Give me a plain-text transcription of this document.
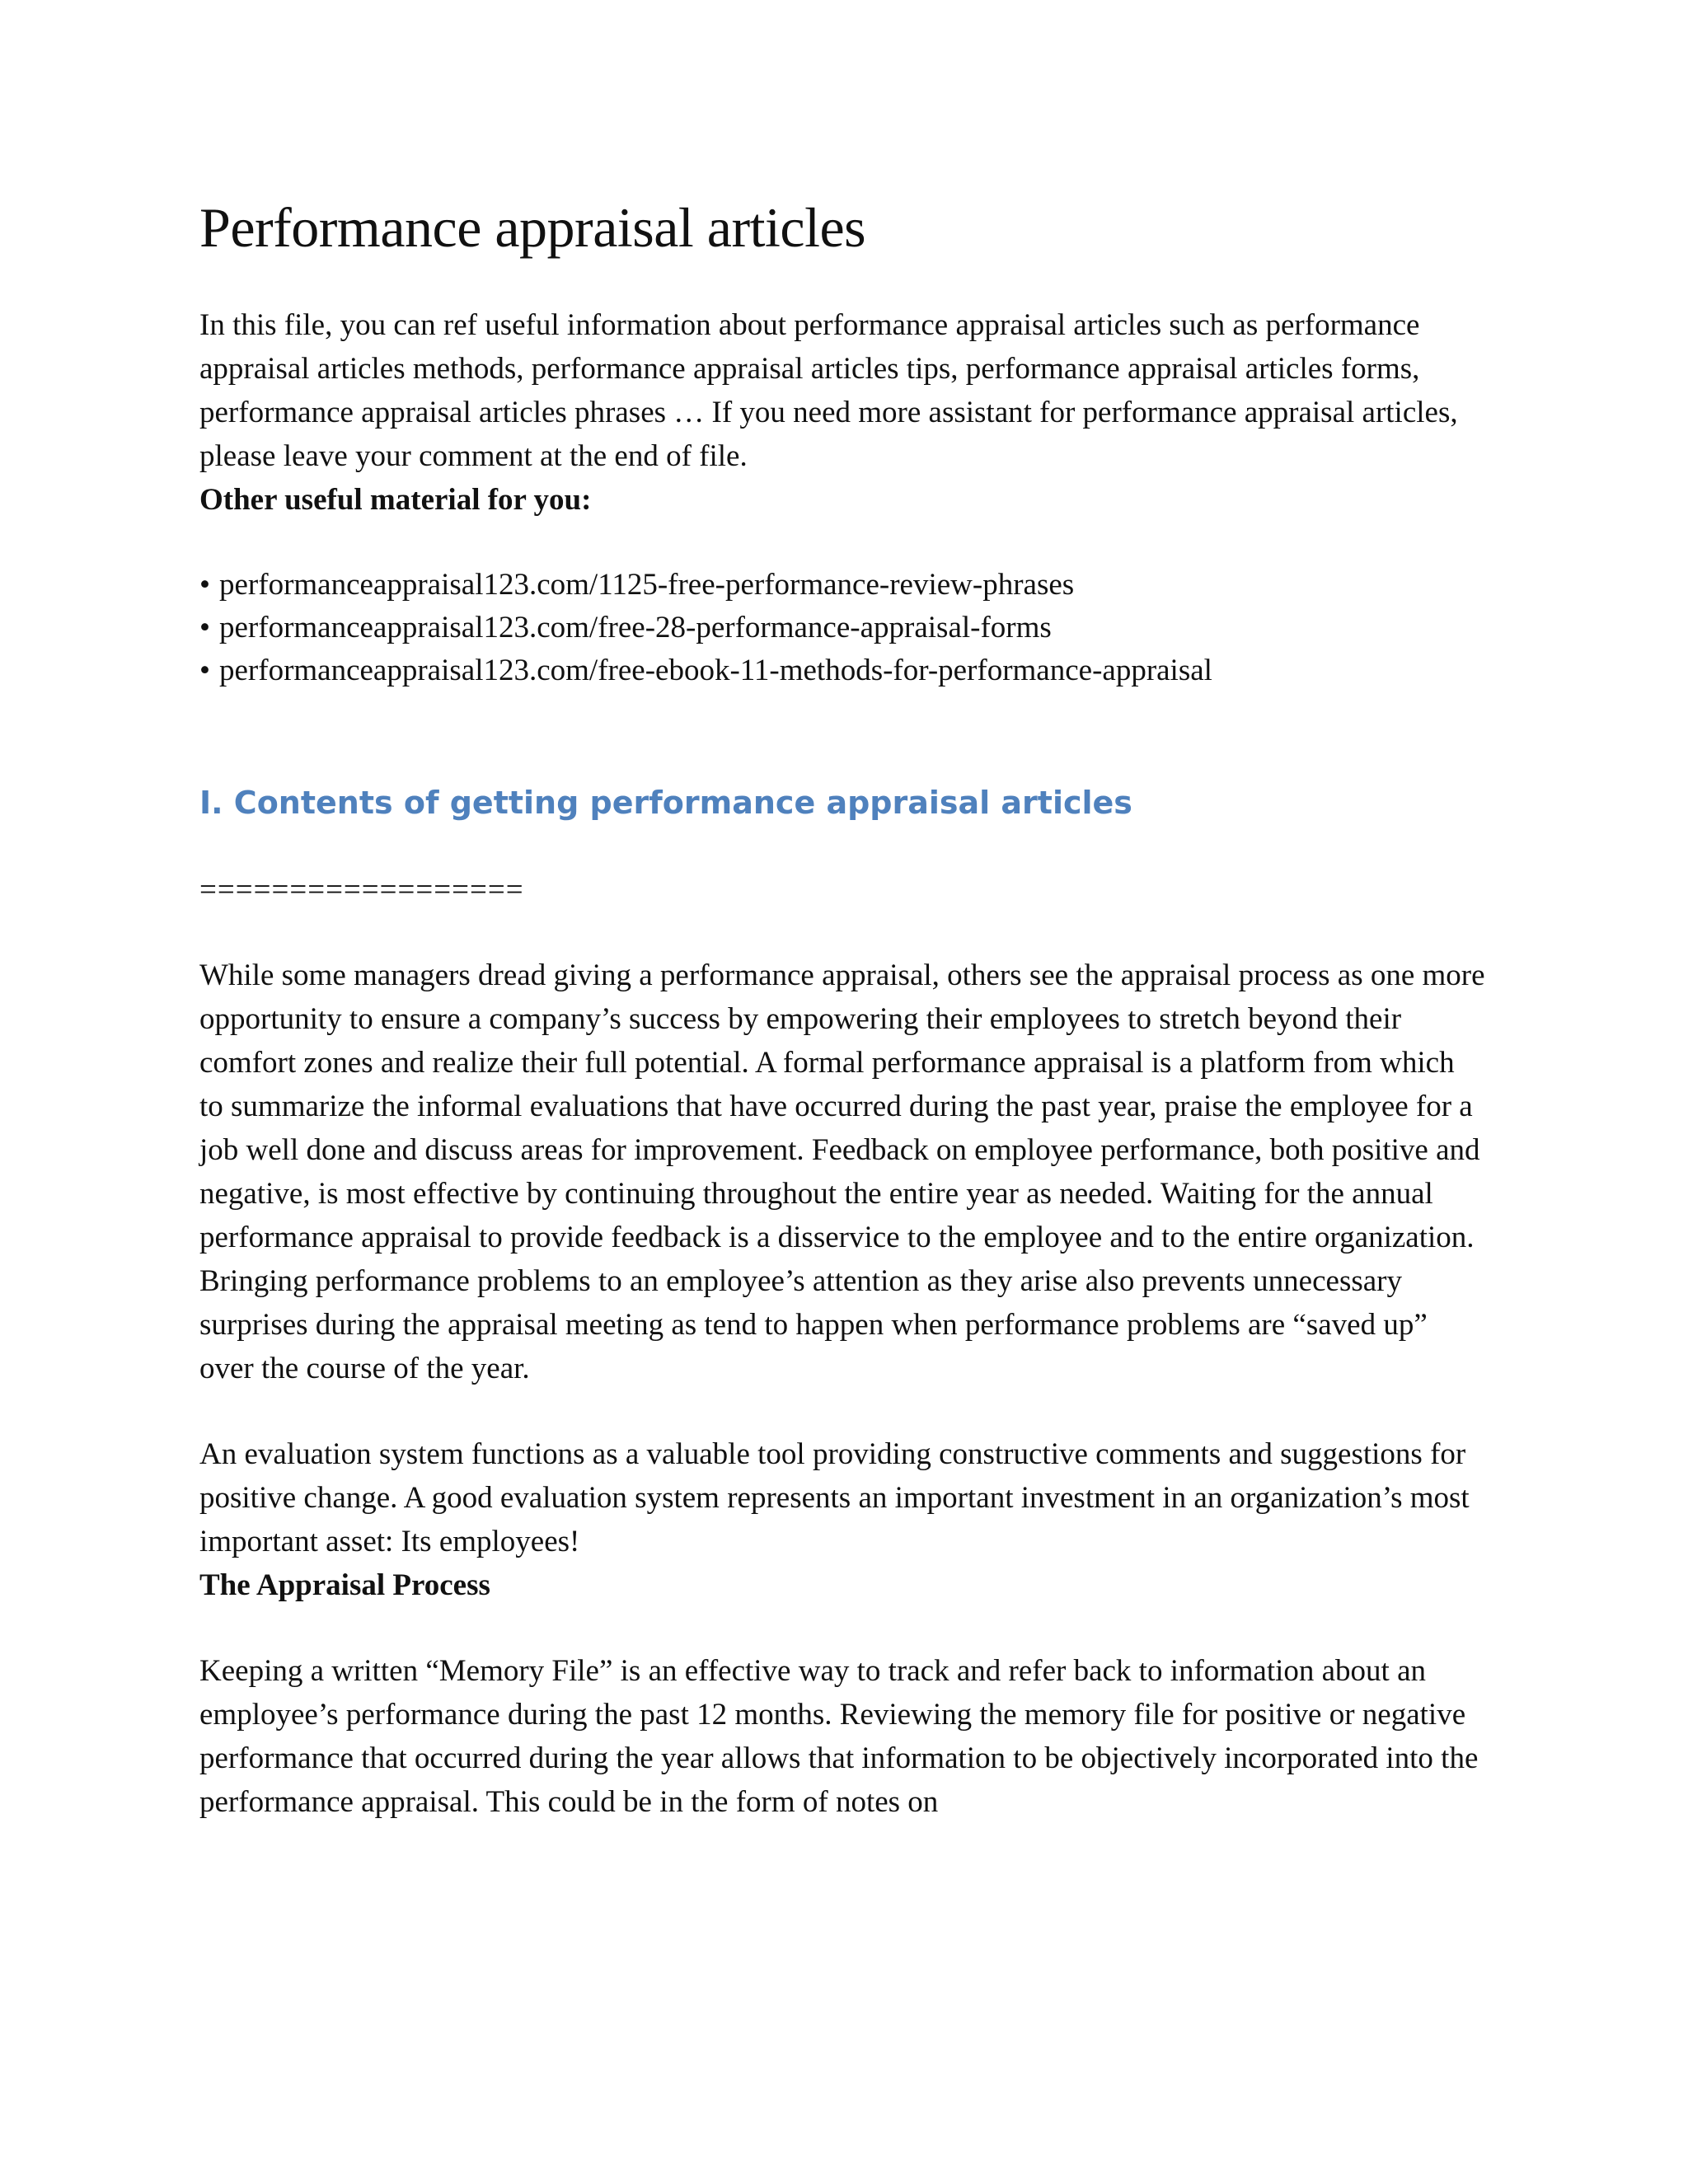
Performance appraisal articles

In this file, you can ref useful information about performance appraisal articles such as performance appraisal articles methods, performance appraisal articles tips, performance appraisal articles forms, performance appraisal articles phrases … If you need more assistant for performance appraisal articles, please leave your comment at the end of file.

Other useful material for you:

• performanceappraisal123.com/1125-free-performance-review-phrases
• performanceappraisal123.com/free-28-performance-appraisal-forms
• performanceappraisal123.com/free-ebook-11-methods-for-performance-appraisal
I. Contents of getting performance appraisal articles

==================

While some managers dread giving a performance appraisal, others see the appraisal process as one more opportunity to ensure a company’s success by empowering their employees to stretch beyond their comfort zones and realize their full potential. A formal performance appraisal is a platform from which to summarize the informal evaluations that have occurred during the past year, praise the employee for a job well done and discuss areas for improvement. Feedback on employee performance, both positive and negative, is most effective by continuing throughout the entire year as needed. Waiting for the annual performance appraisal to provide feedback is a disservice to the employee and to the entire organization. Bringing performance problems to an employee’s attention as they arise also prevents unnecessary surprises during the appraisal meeting as tend to happen when performance problems are “saved up” over the course of the year.

An evaluation system functions as a valuable tool providing constructive comments and suggestions for positive change. A good evaluation system represents an important investment in an organization’s most important asset: Its employees!

The Appraisal Process

Keeping a written “Memory File” is an effective way to track and refer back to information about an employee’s performance during the past 12 months. Reviewing the memory file for positive or negative performance that occurred during the year allows that information to be objectively incorporated into the performance appraisal. This could be in the form of notes on
